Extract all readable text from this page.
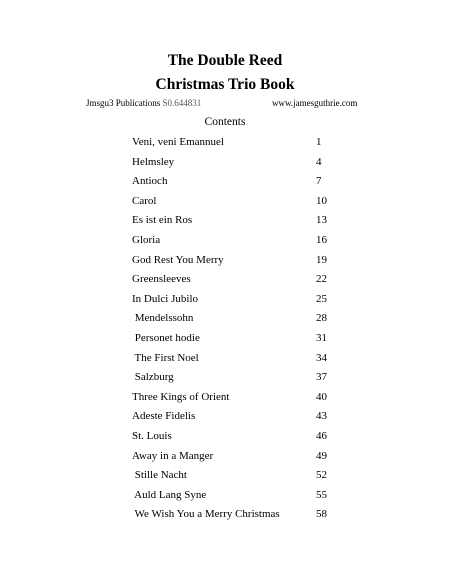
The Double Reed
Christmas Trio Book
Jmsgu3 Publications S0.644831	www.jamesguthrie.com
Contents
Veni, veni Emannuel	1
Helmsley	4
Antioch	7
Carol	10
Es ist ein Ros	13
Gloria	16
God Rest You Merry	19
Greensleeves	22
In Dulci Jubilo	25
Mendelssohn	28
Personet hodie	31
The First Noel	34
Salzburg	37
Three Kings of Orient	40
Adeste Fidelis	43
St. Louis	46
Away in a Manger	49
Stille Nacht	52
Auld Lang Syne	55
We Wish You a Merry Christmas	58
